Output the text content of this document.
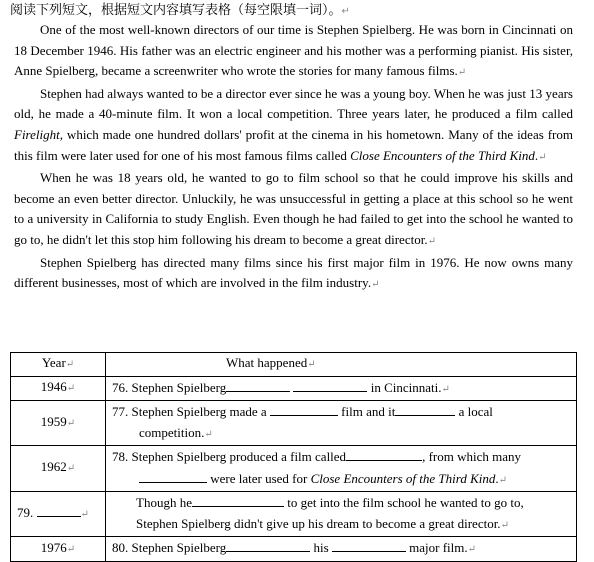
阅读下列短文，根据短文内容填写表格（每空限填一词）。↵

One of the most well-known directors of our time is Stephen Spielberg. He was born in Cincinnati on 18 December 1946. His father was an electric engineer and his mother was a performing pianist. His sister, Anne Spielberg, became a screenwriter who wrote the stories for many famous films.↵

Stephen had always wanted to be a director ever since he was a young boy. When he was just 13 years old, he made a 40-minute film. It won a local competition. Three years later, he produced a film called Firelight, which made one hundred dollars' profit at the cinema in his hometown. Many of the ideas from this film were later used for one of his most famous films called Close Encounters of the Third Kind.↵

When he was 18 years old, he wanted to go to film school so that he could improve his skills and become an even better director. Unluckily, he was unsuccessful in getting a place at this school so he went to a university in California to study English. Even though he had failed to get into the school he wanted to go to, he didn't let this stop him following his dream to become a great director.↵

Stephen Spielberg has directed many films since his first major film in 1976. He now owns many different businesses, most of which are involved in the film industry.↵

Year↵	What happened↵
1946↵	76. Stephen Spielberg in Cincinnati.↵
1959↵	77. Stephen Spielberg made a film and it a local
competition.↵
1962↵	78. Stephen Spielberg produced a film called , from which many
were later used for Close Encounters of the Third Kind.↵
79. ↵	Though he to get into the film school he wanted to go to,
Stephen Spielberg didn't give up his dream to become a great director.↵
1976↵	80. Stephen Spielberg his major film.↵
